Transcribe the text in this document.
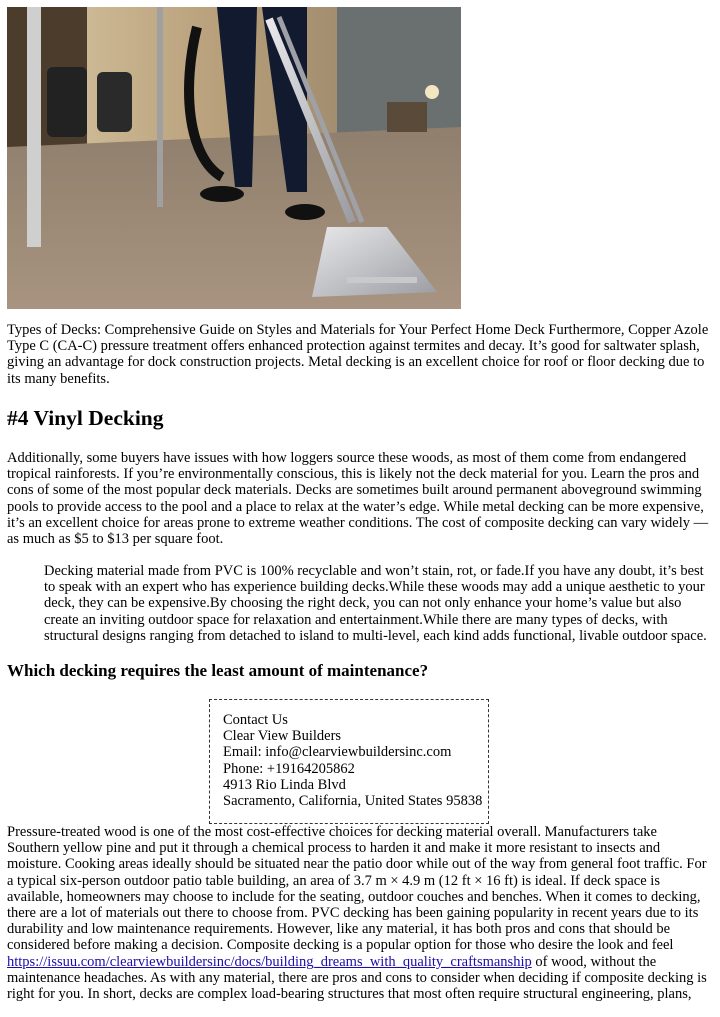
Types of Decks: Comprehensive Guide on Styles and Materials for Your Perfect Home Deck Furthermore, Copper Azole Type C (CA-C) pressure treatment offers enhanced protection against termites and decay. It’s good for saltwater splash, giving an advantage for dock construction projects. Metal decking is an excellent choice for roof or floor decking due to its many benefits.
#4 Vinyl Decking
Additionally, some buyers have issues with how loggers source these woods, as most of them come from endangered tropical rainforests. If you’re environmentally conscious, this is likely not the deck material for you. Learn the pros and cons of some of the most popular deck materials. Decks are sometimes built around permanent aboveground swimming pools to provide access to the pool and a place to relax at the water’s edge. While metal decking can be more expensive, it’s an excellent choice for areas prone to extreme weather conditions. The cost of composite decking can vary widely — as much as $5 to $13 per square foot.
Decking material made from PVC is 100% recyclable and won’t stain, rot, or fade.If you have any doubt, it’s best to speak with an expert who has experience building decks.While these woods may add a unique aesthetic to your deck, they can be expensive.By choosing the right deck, you can not only enhance your home’s value but also create an inviting outdoor space for relaxation and entertainment.While there are many types of decks, with structural designs ranging from detached to island to multi-level, each kind adds functional, livable outdoor space.
Which decking requires the least amount of maintenance?
Contact Us
Clear View Builders
Email: info@clearviewbuildersinc.com
Phone: +19164205862
4913 Rio Linda Blvd
Sacramento, California, United States 95838
Pressure-treated wood is one of the most cost-effective choices for decking material overall. Manufacturers take Southern yellow pine and put it through a chemical process to harden it and make it more resistant to insects and moisture. Cooking areas ideally should be situated near the patio door while out of the way from general foot traffic. For a typical six-person outdoor patio table building, an area of 3.7 m × 4.9 m (12 ft × 16 ft) is ideal. If deck space is available, homeowners may choose to include for the seating, outdoor couches and benches. When it comes to decking, there are a lot of materials out there to choose from. PVC decking has been gaining popularity in recent years due to its durability and low maintenance requirements. However, like any material, it has both pros and cons that should be considered before making a decision. Composite decking is a popular option for those who desire the look and feel https://issuu.com/clearviewbuildersinc/docs/building_dreams_with_quality_craftsmanship of wood, without the maintenance headaches. As with any material, there are pros and cons to consider when deciding if composite decking is right for you. In short, decks are complex load-bearing structures that most often require structural engineering, plans,
